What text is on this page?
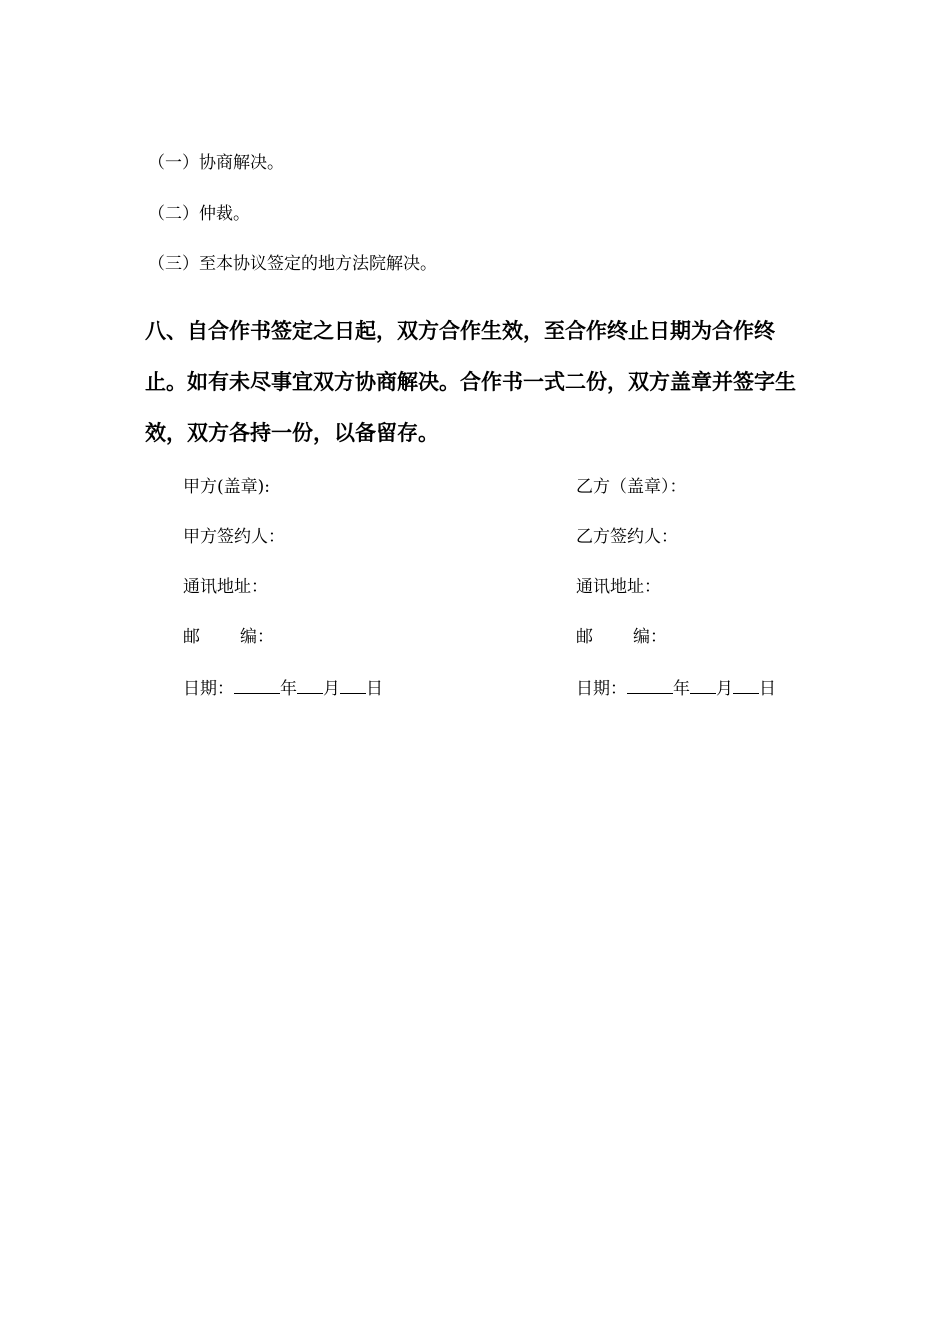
（一）协商解决。
（二）仲裁。
（三）至本协议签定的地方法院解决。
八、自合作书签定之日起，双方合作生效，至合作终止日期为合作终止。如有未尽事宜双方协商解决。合作书一式二份，双方盖章并签字生效，双方各持一份，以备留存。
甲方(盖章):
甲方签约人：
通讯地址：
邮 编：
日期：	年 月 日
乙方（盖章）：
乙方签约人：
通讯地址：
邮 编：
日期：	年 月 日
